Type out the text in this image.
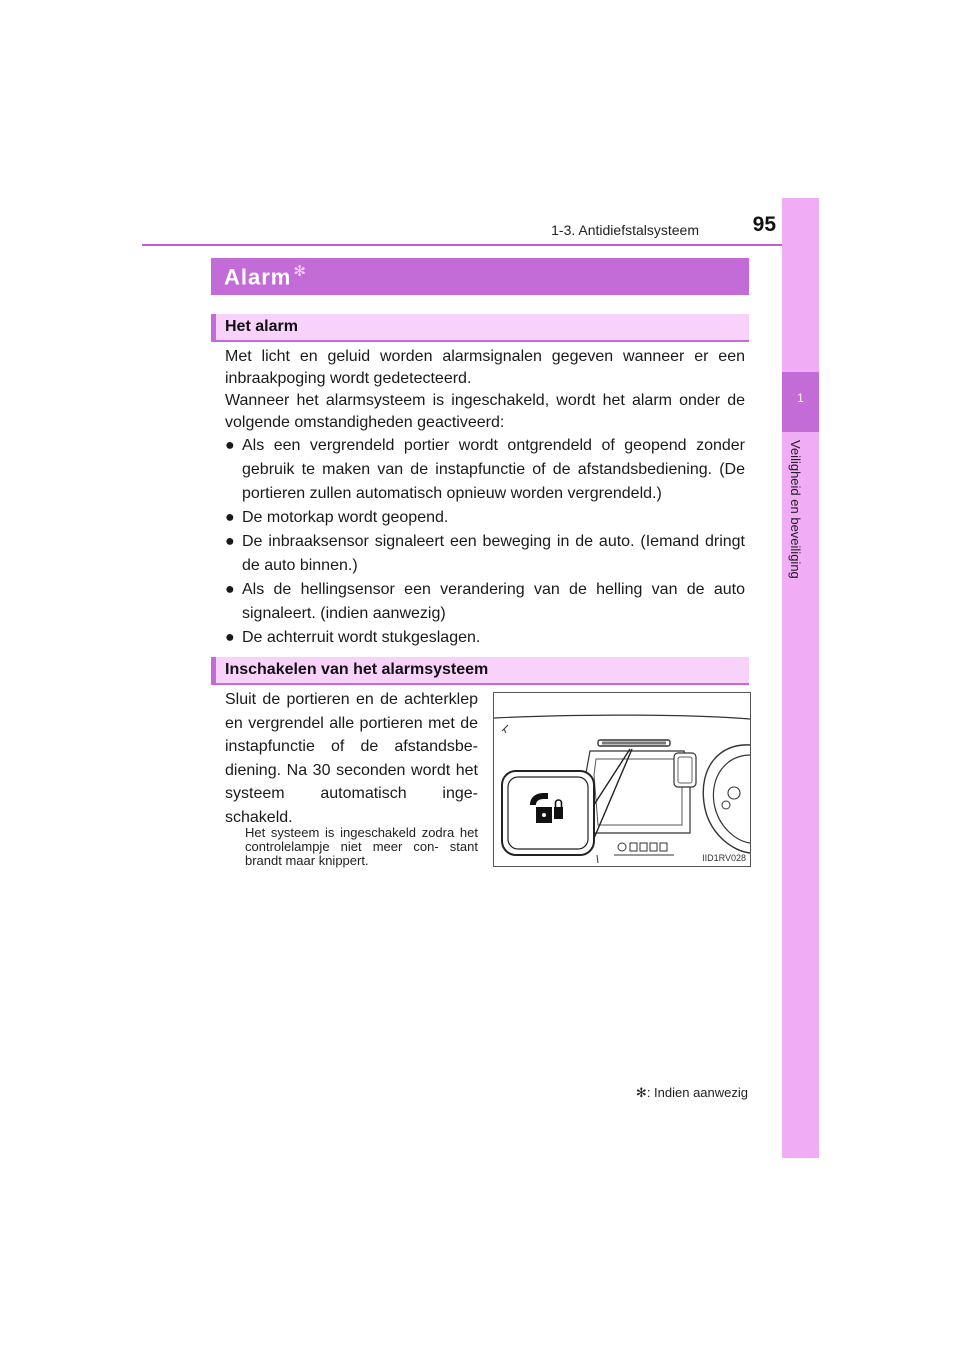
1-3. Antidiefstalsysteem	95
1
Veiligheid en beveiliging
Alarm ✻
Het alarm
Met licht en geluid worden alarmsignalen gegeven wanneer er een inbraakpoging wordt gedetecteerd.
Wanneer het alarmsysteem is ingeschakeld, wordt het alarm onder de volgende omstandigheden geactiveerd:
● Als een vergrendeld portier wordt ontgrendeld of geopend zonder gebruik te maken van de instapfunctie of de afstandsbediening. (De portieren zullen automatisch opnieuw worden vergrendeld.)
● De motorkap wordt geopend.
● De inbraaksensor signaleert een beweging in de auto. (Iemand dringt de auto binnen.)
● Als de hellingsensor een verandering van de helling van de auto signaleert. (indien aanwezig)
● De achterruit wordt stukgeslagen.
Inschakelen van het alarmsysteem
Sluit de portieren en de achterklep en vergrendel alle portieren met de instapfunctie of de afstandsbe- diening. Na 30 seconden wordt het systeem automatisch inge- schakeld.
Het systeem is ingeschakeld zodra het controlelampje niet meer con- stant brandt maar knippert.	IID1RV028
✻: Indien aanwezig
